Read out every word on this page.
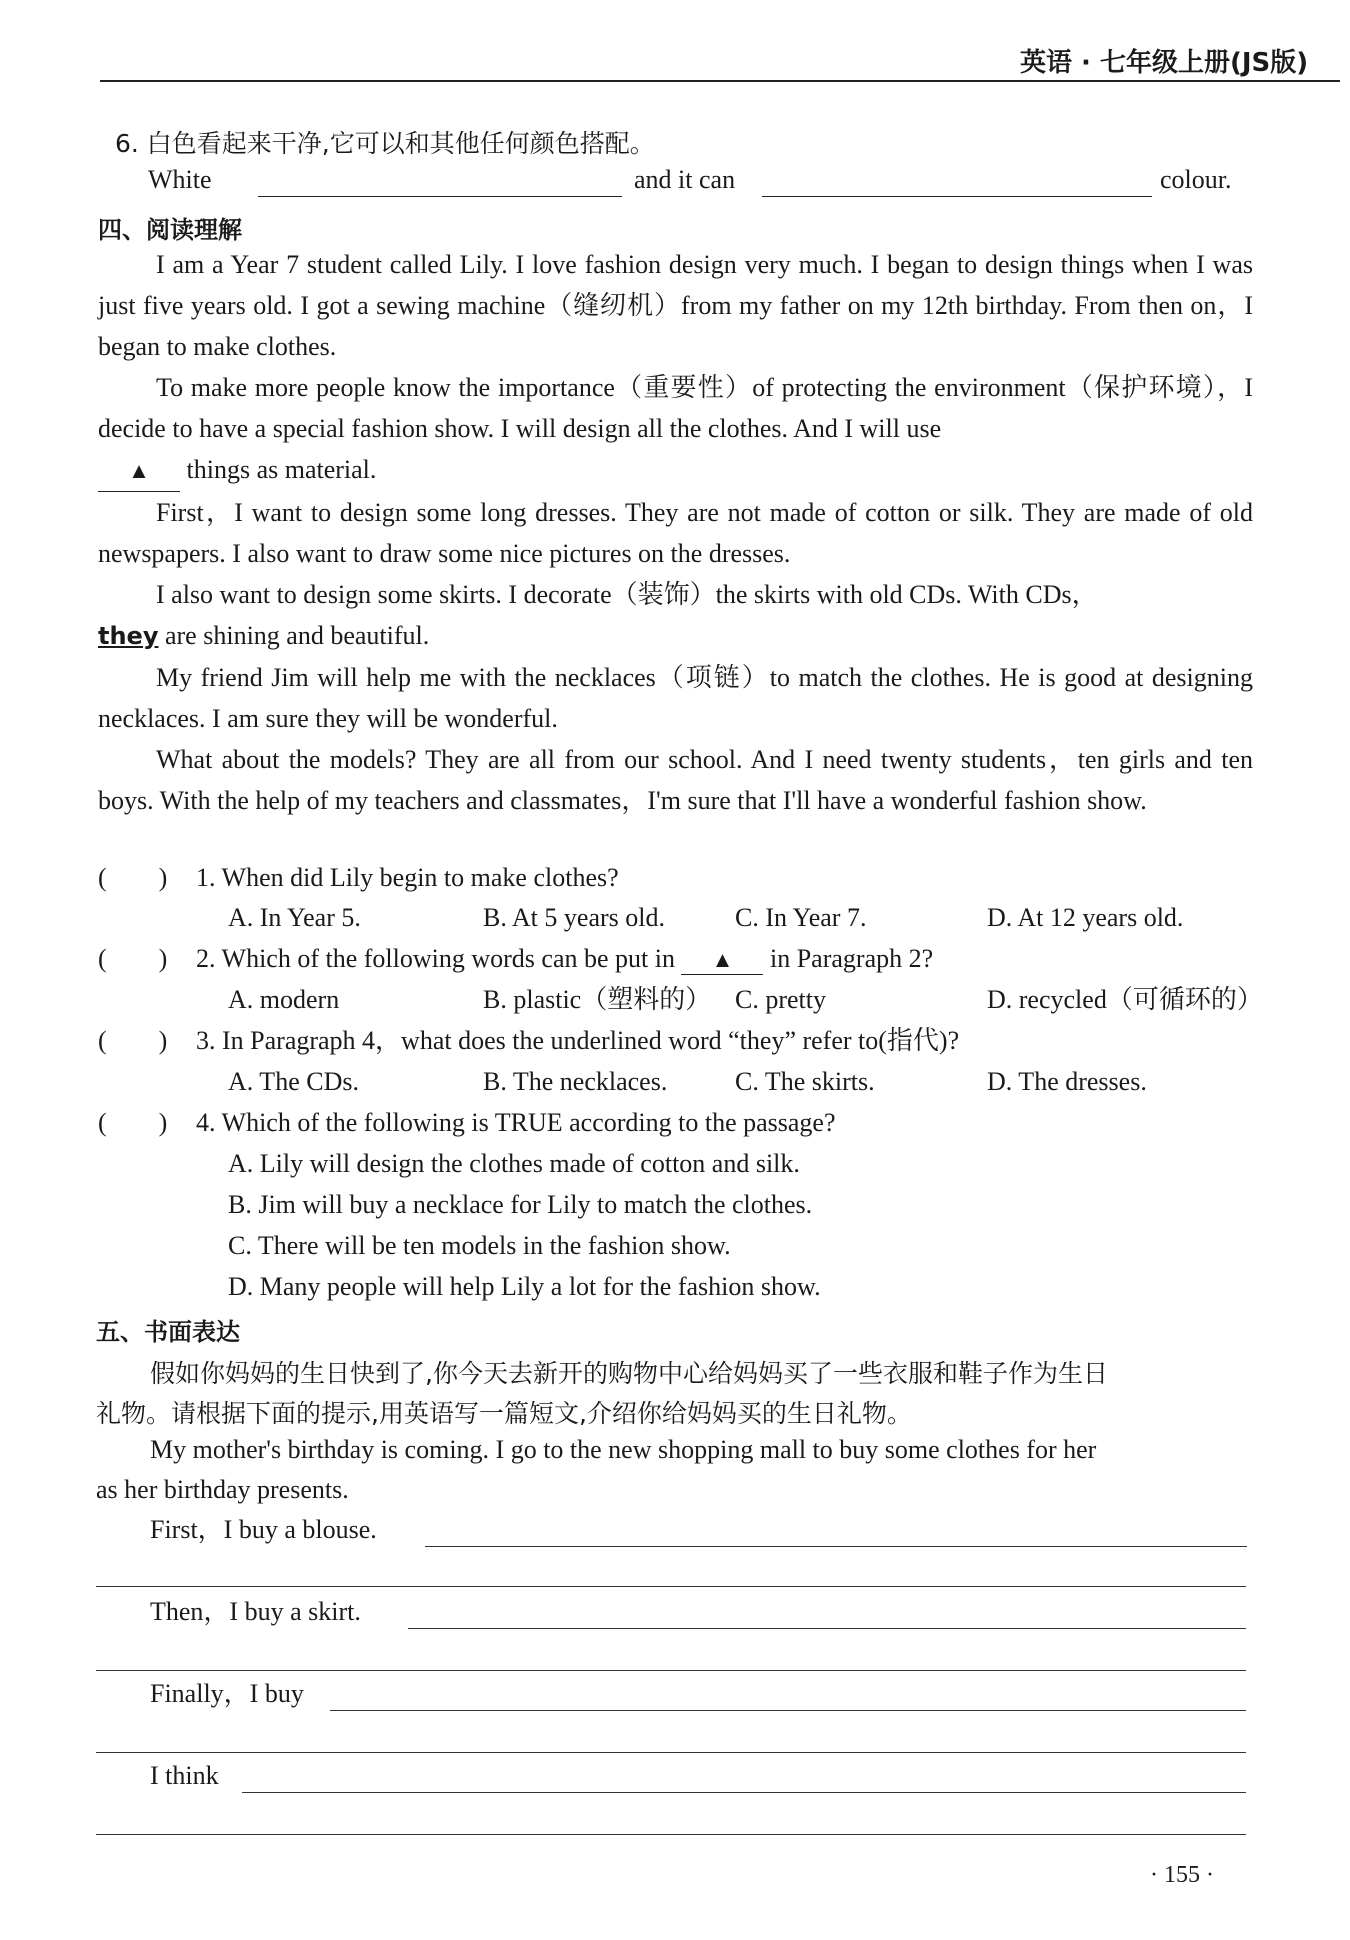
英语 · 七年级上册(JS版)
6. 白色看起来干净,它可以和其他任何颜色搭配。
White	and it can	colour.
四、阅读理解

I am a Year 7 student called Lily. I love fashion design very much. I began to design things when I was just five years old. I got a sewing machine（缝纫机）from my father on my 12th birthday. From then on，I began to make clothes.

To make more people know the importance（重要性）of protecting the environment（保护环境），I decide to have a special fashion show. I will design all the clothes. And I will use

▲ things as material.

First，I want to design some long dresses. They are not made of cotton or silk. They are made of old newspapers. I also want to draw some nice pictures on the dresses.

I also want to design some skirts. I decorate（装饰）the skirts with old CDs. With CDs，

they are shining and beautiful.

My friend Jim will help me with the necklaces（项链）to match the clothes. He is good at designing necklaces. I am sure they will be wonderful.

What about the models? They are all from our school. And I need twenty students，ten girls and ten boys. With the help of my teachers and classmates，I'm sure that I'll have a wonderful fashion show.

(　　) 1. When did Lily begin to make clothes?
A. In Year 5.	B. At 5 years old.	C. In Year 7.	D. At 12 years old.
(　　) 2. Which of the following words can be put in ▲ in Paragraph 2?
A. modern	B. plastic（塑料的） C. pretty	D. recycled（可循环的）
(　　) 3. In Paragraph 4，what does the underlined word “they” refer to(指代)?
A. The CDs.	B. The necklaces.	C. The skirts.	D. The dresses.
(　　) 4. Which of the following is TRUE according to the passage?
A. Lily will design the clothes made of cotton and silk.
B. Jim will buy a necklace for Lily to match the clothes.
C. There will be ten models in the fashion show.
D. Many people will help Lily a lot for the fashion show.
五、书面表达
假如你妈妈的生日快到了,你今天去新开的购物中心给妈妈买了一些衣服和鞋子作为生日
礼物。请根据下面的提示,用英语写一篇短文,介绍你给妈妈买的生日礼物。
My mother's birthday is coming. I go to the new shopping mall to buy some clothes for her
as her birthday presents.
First，I buy a blouse.
Then，I buy a skirt.
Finally，I buy
I think
· 155 ·
